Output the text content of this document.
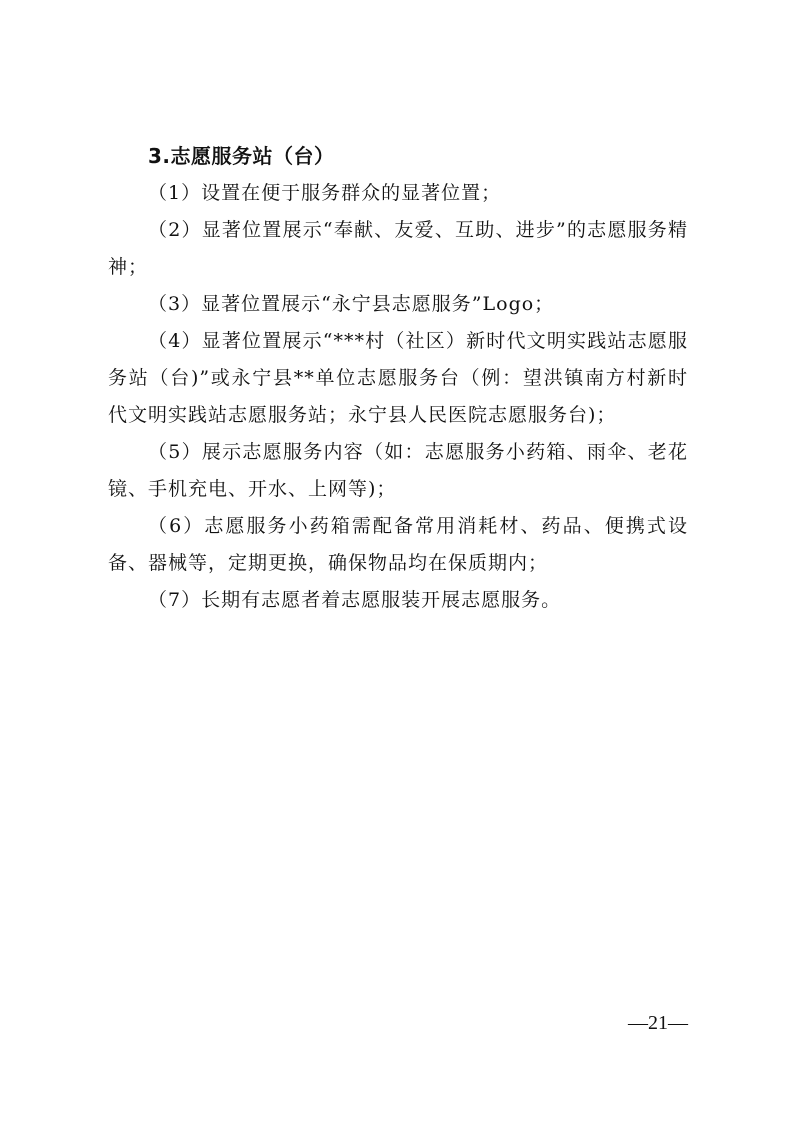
3.志愿服务站（台）

（1）设置在便于服务群众的显著位置；

（2）显著位置展示“奉献、友爱、互助、进步”的志愿服务精神；

（3）显著位置展示“永宁县志愿服务”Logo；

（4）显著位置展示“***村（社区）新时代文明实践站志愿服务站（台)”或永宁县**单位志愿服务台（例：望洪镇南方村新时代文明实践站志愿服务站；永宁县人民医院志愿服务台)；

（5）展示志愿服务内容（如：志愿服务小药箱、雨伞、老花镜、手机充电、开水、上网等)；

（6）志愿服务小药箱需配备常用消耗材、药品、便携式设备、器械等，定期更换，确保物品均在保质期内；

（7）长期有志愿者着志愿服装开展志愿服务。

—21—
